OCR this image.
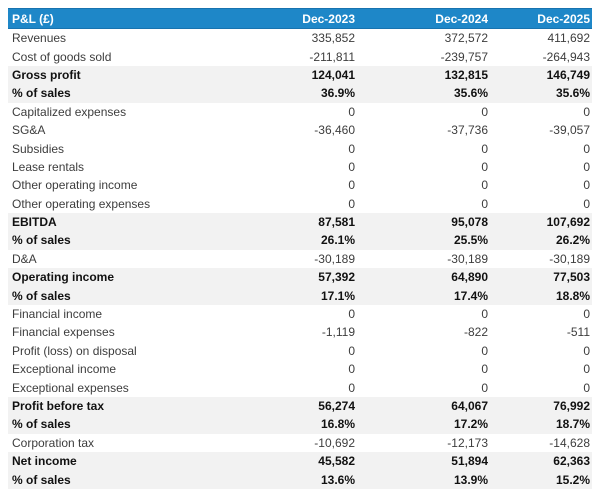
P&L (£)	Dec-2023	Dec-2024	Dec-2025
Revenues	335,852	372,572	411,692
Cost of goods sold	-211,811	-239,757	-264,943
Gross profit	124,041	132,815	146,749
% of sales	36.9%	35.6%	35.6%
Capitalized expenses	0	0	0
SG&A	-36,460	-37,736	-39,057
Subsidies	0	0	0
Lease rentals	0	0	0
Other operating income	0	0	0
Other operating expenses	0	0	0
EBITDA	87,581	95,078	107,692
% of sales	26.1%	25.5%	26.2%
D&A	-30,189	-30,189	-30,189
Operating income	57,392	64,890	77,503
% of sales	17.1%	17.4%	18.8%
Financial income	0	0	0
Financial expenses	-1,119	-822	-511
Profit (loss) on disposal	0	0	0
Exceptional income	0	0	0
Exceptional expenses	0	0	0
Profit before tax	56,274	64,067	76,992
% of sales	16.8%	17.2%	18.7%
Corporation tax	-10,692	-12,173	-14,628
Net income	45,582	51,894	62,363
% of sales	13.6%	13.9%	15.2%
